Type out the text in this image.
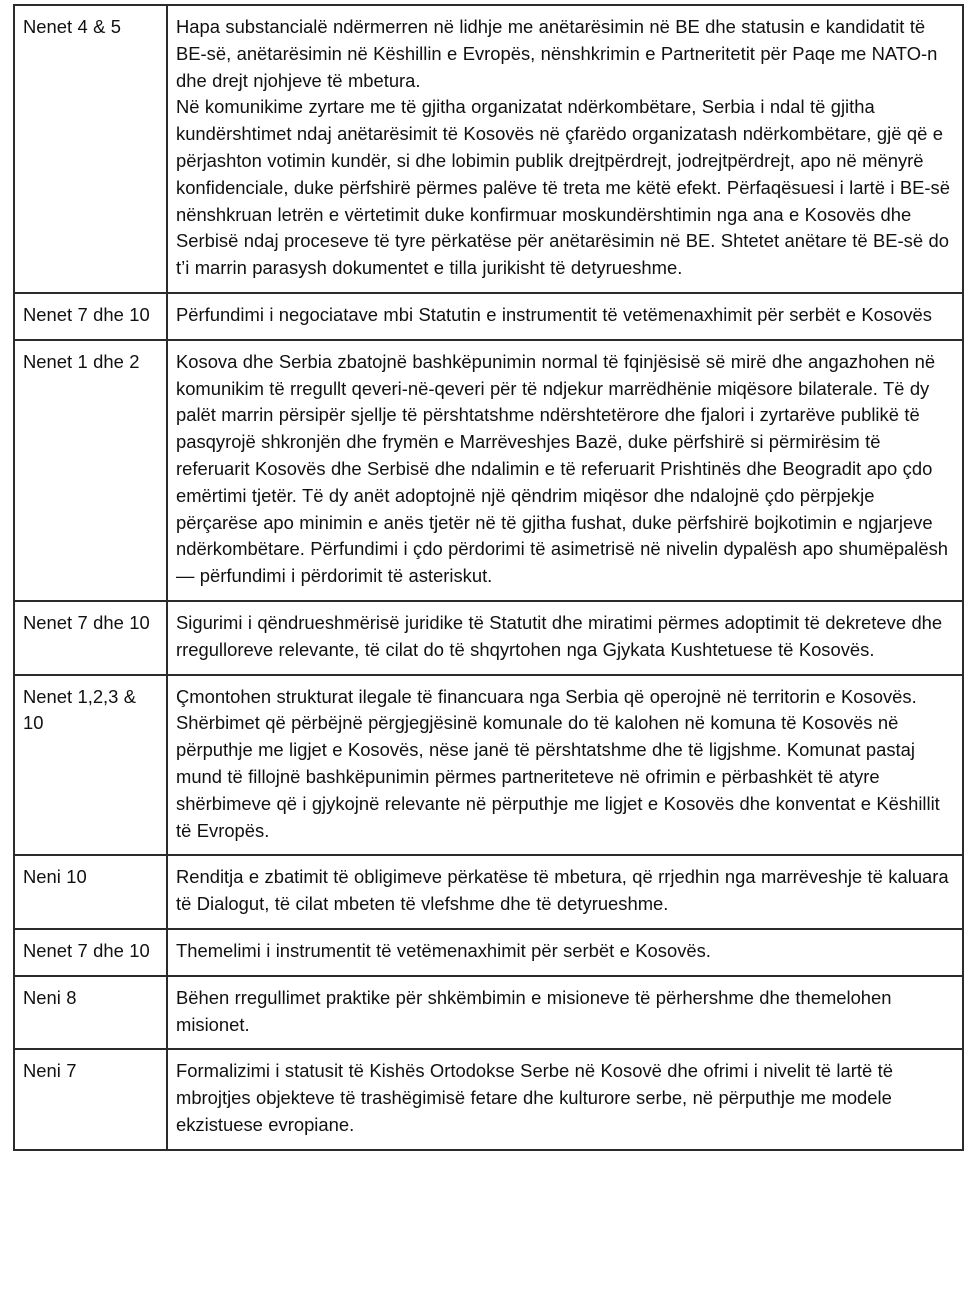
Nenet 4 & 5	Hapa substancialë ndërmerren në lidhje me anëtarësimin në BE dhe statusin e kandidatit të BE-së, anëtarësimin në Këshillin e Evropës, nënshkrimin e Partneritetit për Paqe me NATO-n dhe drejt njohjeve të mbetura.
Në komunikime zyrtare me të gjitha organizatat ndërkombëtare, Serbia i ndal të gjitha kundërshtimet ndaj anëtarësimit të Kosovës në çfarëdo organizatash ndërkombëtare, gjë që e përjashton votimin kundër, si dhe lobimin publik drejtpërdrejt, jodrejtpërdrejt, apo në mënyrë konfidenciale, duke përfshirë përmes palëve të treta me këtë efekt. Përfaqësuesi i lartë i BE-së nënshkruan letrën e vërtetimit duke konfirmuar moskundërshtimin nga ana e Kosovës dhe Serbisë ndaj proceseve të tyre përkatëse për anëtarësimin në BE. Shtetet anëtare të BE-së do t’i marrin parasysh dokumentet e tilla jurikisht të detyrueshme.

Nenet 7 dhe 10	Përfundimi i negociatave mbi Statutin e instrumentit të vetëmenaxhimit për serbët e Kosovës

Nenet 1 dhe 2	Kosova dhe Serbia zbatojnë bashkëpunimin normal të fqinjësisë së mirë dhe angazhohen në komunikim të rregullt qeveri-në-qeveri për të ndjekur marrëdhënie miqësore bilaterale. Të dy palët marrin përsipër sjellje të përshtatshme ndërshtetërore dhe fjalori i zyrtarëve publikë të pasqyrojë shkronjën dhe frymën e Marrëveshjes Bazë, duke përfshirë si përmirësim të referuarit Kosovës dhe Serbisë dhe ndalimin e të referuarit Prishtinës dhe Beogradit apo çdo emërtimi tjetër. Të dy anët adoptojnë një qëndrim miqësor dhe ndalojnë çdo përpjekje përçarëse apo minimin e anës tjetër në të gjitha fushat, duke përfshirë bojkotimin e ngjarjeve ndërkombëtare. Përfundimi i çdo përdorimi të asimetrisë në nivelin dypalësh apo shumëpalësh — përfundimi i përdorimit të asteriskut.

Nenet 7 dhe 10	Sigurimi i qëndrueshmërisë juridike të Statutit dhe miratimi përmes adoptimit të dekreteve dhe rregulloreve relevante, të cilat do të shqyrtohen nga Gjykata Kushtetuese të Kosovës.

Nenet 1,2,3 & 10	Çmontohen strukturat ilegale të financuara nga Serbia që operojnë në territorin e Kosovës. Shërbimet që përbëjnë përgjegjësinë komunale do të kalohen në komuna të Kosovës në përputhje me ligjet e Kosovës, nëse janë të përshtatshme dhe të ligjshme. Komunat pastaj mund të fillojnë bashkëpunimin përmes partneriteteve në ofrimin e përbashkët të atyre shërbimeve që i gjykojnë relevante në përputhje me ligjet e Kosovës dhe konventat e Këshillit të Evropës.

Neni 10	Renditja e zbatimit të obligimeve përkatëse të mbetura, që rrjedhin nga marrëveshje të kaluara të Dialogut, të cilat mbeten të vlefshme dhe të detyrueshme.

Nenet 7 dhe 10	Themelimi i instrumentit të vetëmenaxhimit për serbët e Kosovës.

Neni 8	Bëhen rregullimet praktike për shkëmbimin e misioneve të përhershme dhe themelohen misionet.

Neni 7	Formalizimi i statusit të Kishës Ortodokse Serbe në Kosovë dhe ofrimi i nivelit të lartë të mbrojtjes objekteve të trashëgimisë fetare dhe kulturore serbe, në përputhje me modele ekzistuese evropiane.
